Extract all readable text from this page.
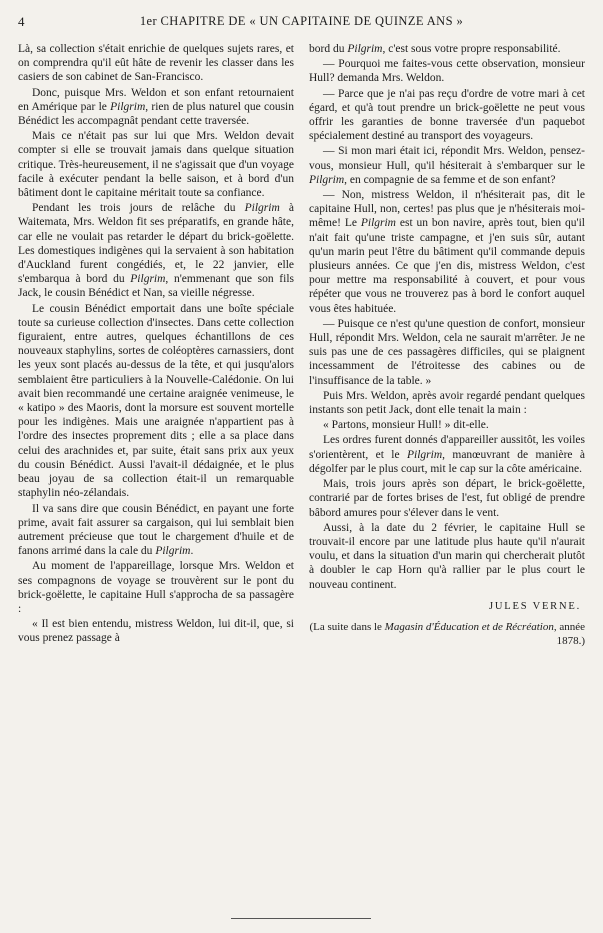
4	1er CHAPITRE DE « UN CAPITAINE DE QUINZE ANS »

Là, sa collection s'était enrichie de quelques sujets rares, et on comprendra qu'il eût hâte de revenir les classer dans les casiers de son cabinet de San-Francisco.

Donc, puisque Mrs. Weldon et son enfant retournaient en Amérique par le Pilgrim, rien de plus naturel que cousin Bénédict les accompagnât pendant cette traversée.

Mais ce n'était pas sur lui que Mrs. Weldon devait compter si elle se trouvait jamais dans quelque situation critique. Très-heureusement, il ne s'agissait que d'un voyage facile à exécuter pendant la belle saison, et à bord d'un bâtiment dont le capitaine méritait toute sa confiance.

Pendant les trois jours de relâche du Pilgrim à Waitemata, Mrs. Weldon fit ses préparatifs, en grande hâte, car elle ne voulait pas retarder le départ du brick-goëlette. Les domestiques indigènes qui la servaient à son habitation d'Auckland furent congédiés, et, le 22 janvier, elle s'embarqua à bord du Pilgrim, n'emmenant que son fils Jack, le cousin Bénédict et Nan, sa vieille négresse.

Le cousin Bénédict emportait dans une boîte spéciale toute sa curieuse collection d'insectes. Dans cette collection figuraient, entre autres, quelques échantillons de ces nouveaux staphylins, sortes de coléoptères carnassiers, dont les yeux sont placés au-dessus de la tête, et qui jusqu'alors semblaient être particuliers à la Nouvelle-Calédonie. On lui avait bien recommandé une certaine araignée venimeuse, le « katipo » des Maoris, dont la morsure est souvent mortelle pour les indigènes. Mais une araignée n'appartient pas à l'ordre des insectes proprement dits ; elle a sa place dans celui des arachnides et, par suite, était sans prix aux yeux du cousin Bénédict. Aussi l'avait-il dédaignée, et le plus beau joyau de sa collection était-il un remarquable staphylin néo-zélandais.

Il va sans dire que cousin Bénédict, en payant une forte prime, avait fait assurer sa cargaison, qui lui semblait bien autrement précieuse que tout le chargement d'huile et de fanons arrimé dans la cale du Pilgrim.

Au moment de l'appareillage, lorsque Mrs. Weldon et ses compagnons de voyage se trouvèrent sur le pont du brick-goëlette, le capitaine Hull s'approcha de sa passagère :

« Il est bien entendu, mistress Weldon, lui dit-il, que, si vous prenez passage à

bord du Pilgrim, c'est sous votre propre responsabilité.

— Pourquoi me faites-vous cette observation, monsieur Hull? demanda Mrs. Weldon.

— Parce que je n'ai pas reçu d'ordre de votre mari à cet égard, et qu'à tout prendre un brick-goëlette ne peut vous offrir les garanties de bonne traversée d'un paquebot spécialement destiné au transport des voyageurs.

— Si mon mari était ici, répondit Mrs. Weldon, pensez-vous, monsieur Hull, qu'il hésiterait à s'embarquer sur le Pilgrim, en compagnie de sa femme et de son enfant?

— Non, mistress Weldon, il n'hésiterait pas, dit le capitaine Hull, non, certes! pas plus que je n'hésiterais moi-même! Le Pilgrim est un bon navire, après tout, bien qu'il n'ait fait qu'une triste campagne, et j'en suis sûr, autant qu'un marin peut l'être du bâtiment qu'il commande depuis plusieurs années. Ce que j'en dis, mistress Weldon, c'est pour mettre ma responsabilité à couvert, et pour vous répéter que vous ne trouverez pas à bord le confort auquel vous êtes habituée.

— Puisque ce n'est qu'une question de confort, monsieur Hull, répondit Mrs. Weldon, cela ne saurait m'arrêter. Je ne suis pas une de ces passagères difficiles, qui se plaignent incessamment de l'étroitesse des cabines ou de l'insuffisance de la table. »

Puis Mrs. Weldon, après avoir regardé pendant quelques instants son petit Jack, dont elle tenait la main :

« Partons, monsieur Hull! » dit-elle.

Les ordres furent donnés d'appareiller aussitôt, les voiles s'orientèrent, et le Pilgrim, manœuvrant de manière à dégolfer par le plus court, mit le cap sur la côte américaine.

Mais, trois jours après son départ, le brick-goëlette, contrarié par de fortes brises de l'est, fut obligé de prendre bâbord amures pour s'élever dans le vent.

Aussi, à la date du 2 février, le capitaine Hull se trouvait-il encore par une latitude plus haute qu'il n'aurait voulu, et dans la situation d'un marin qui chercherait plutôt à doubler le cap Horn qu'à rallier par le plus court le nouveau continent.

JULES VERNE.

(La suite dans le Magasin d'Éducation et de Récréation, année 1878.)
